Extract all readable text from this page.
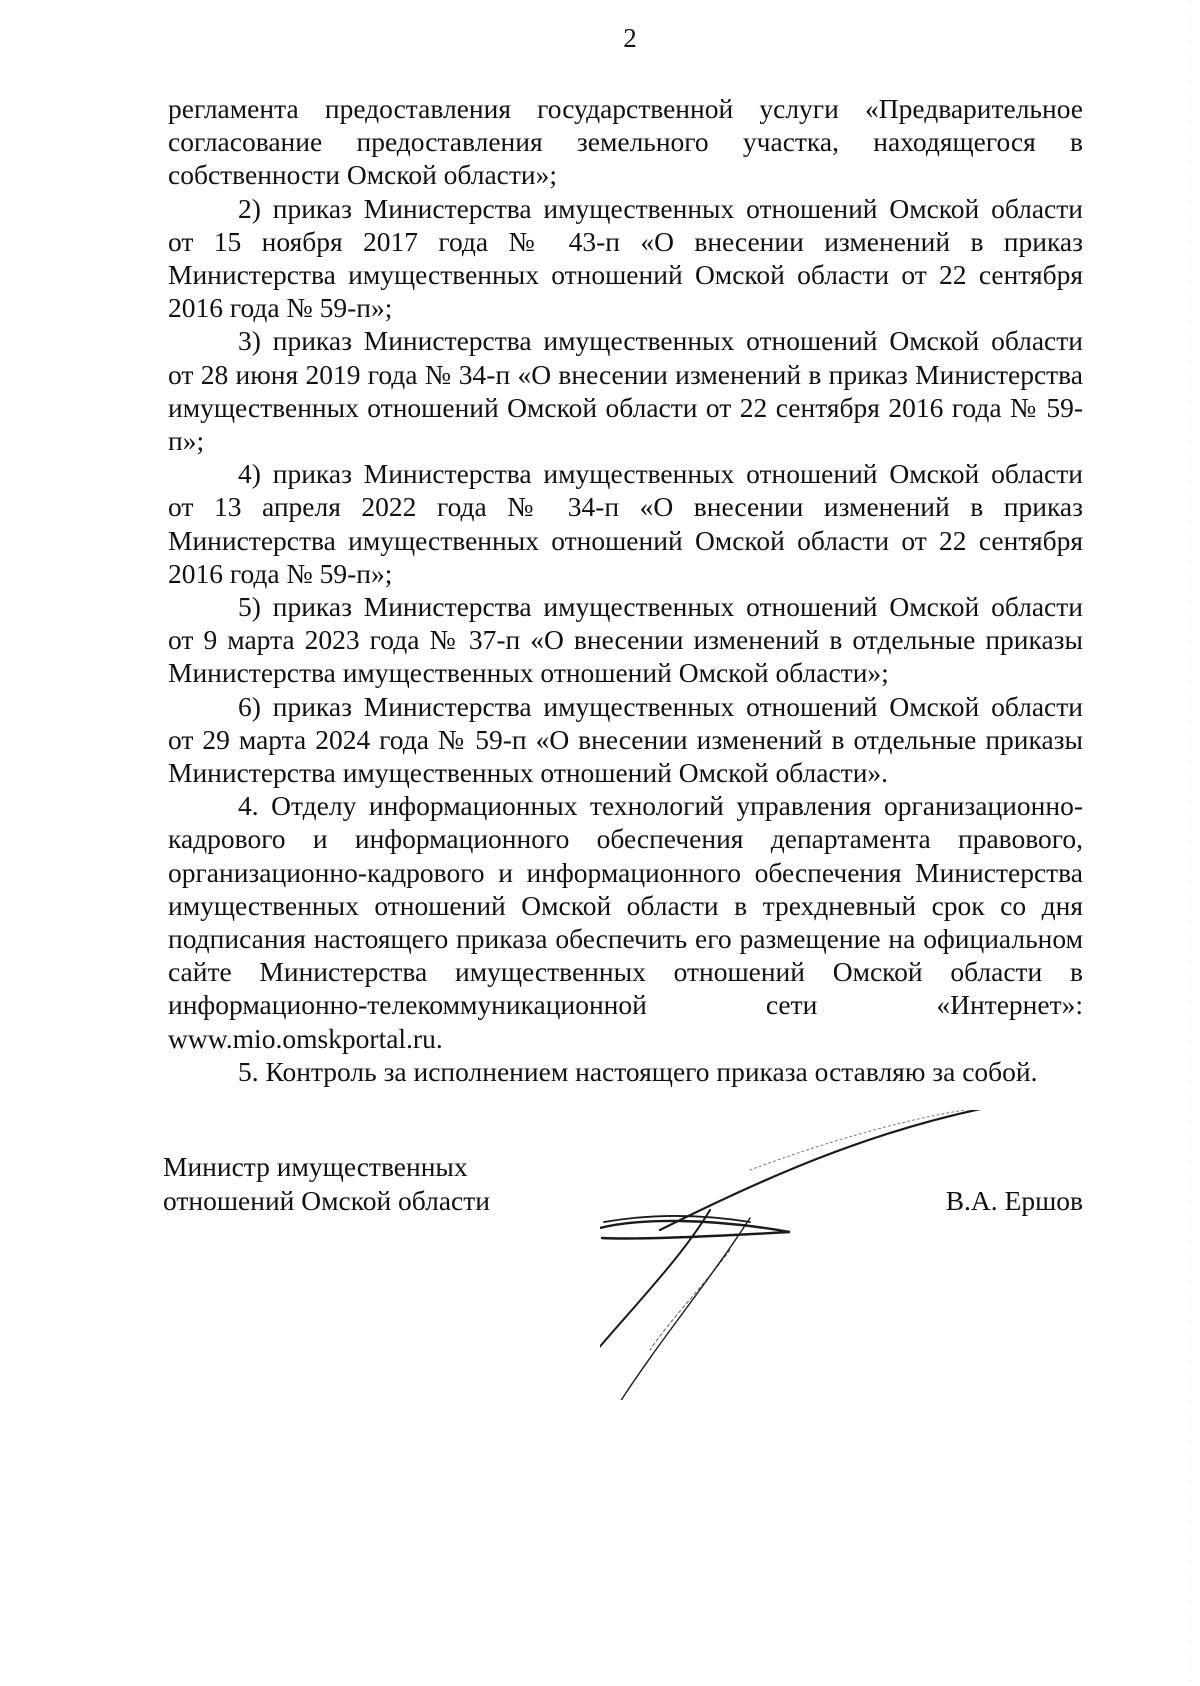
2

регламента предоставления государственной услуги «Предварительное согласование предоставления земельного участка, находящегося в собственности Омской области»;

2) приказ Министерства имущественных отношений Омской области от 15 ноября 2017 года № 43-п «О внесении изменений в приказ Министерства имущественных отношений Омской области от 22 сентября 2016 года № 59-п»;

3) приказ Министерства имущественных отношений Омской области от 28 июня 2019 года № 34-п «О внесении изменений в приказ Министерства имущественных отношений Омской области от 22 сентября 2016 года № 59-п»;

4) приказ Министерства имущественных отношений Омской области от 13 апреля 2022 года № 34-п «О внесении изменений в приказ Министерства имущественных отношений Омской области от 22 сентября 2016 года № 59-п»;

5) приказ Министерства имущественных отношений Омской области от 9 марта 2023 года № 37-п «О внесении изменений в отдельные приказы Министерства имущественных отношений Омской области»;

6) приказ Министерства имущественных отношений Омской области от 29 марта 2024 года № 59-п «О внесении изменений в отдельные приказы Министерства имущественных отношений Омской области».

4. Отделу информационных технологий управления организационно-кадрового и информационного обеспечения департамента правового, организационно-кадрового и информационного обеспечения Министерства имущественных отношений Омской области в трехдневный срок со дня подписания настоящего приказа обеспечить его размещение на официальном сайте Министерства имущественных отношений Омской области в информационно-телекоммуникационной сети «Интернет»: www.mio.omskportal.ru.

5. Контроль за исполнением настоящего приказа оставляю за собой.

Министр имущественных
отношений Омской области	В.А. Ершов
